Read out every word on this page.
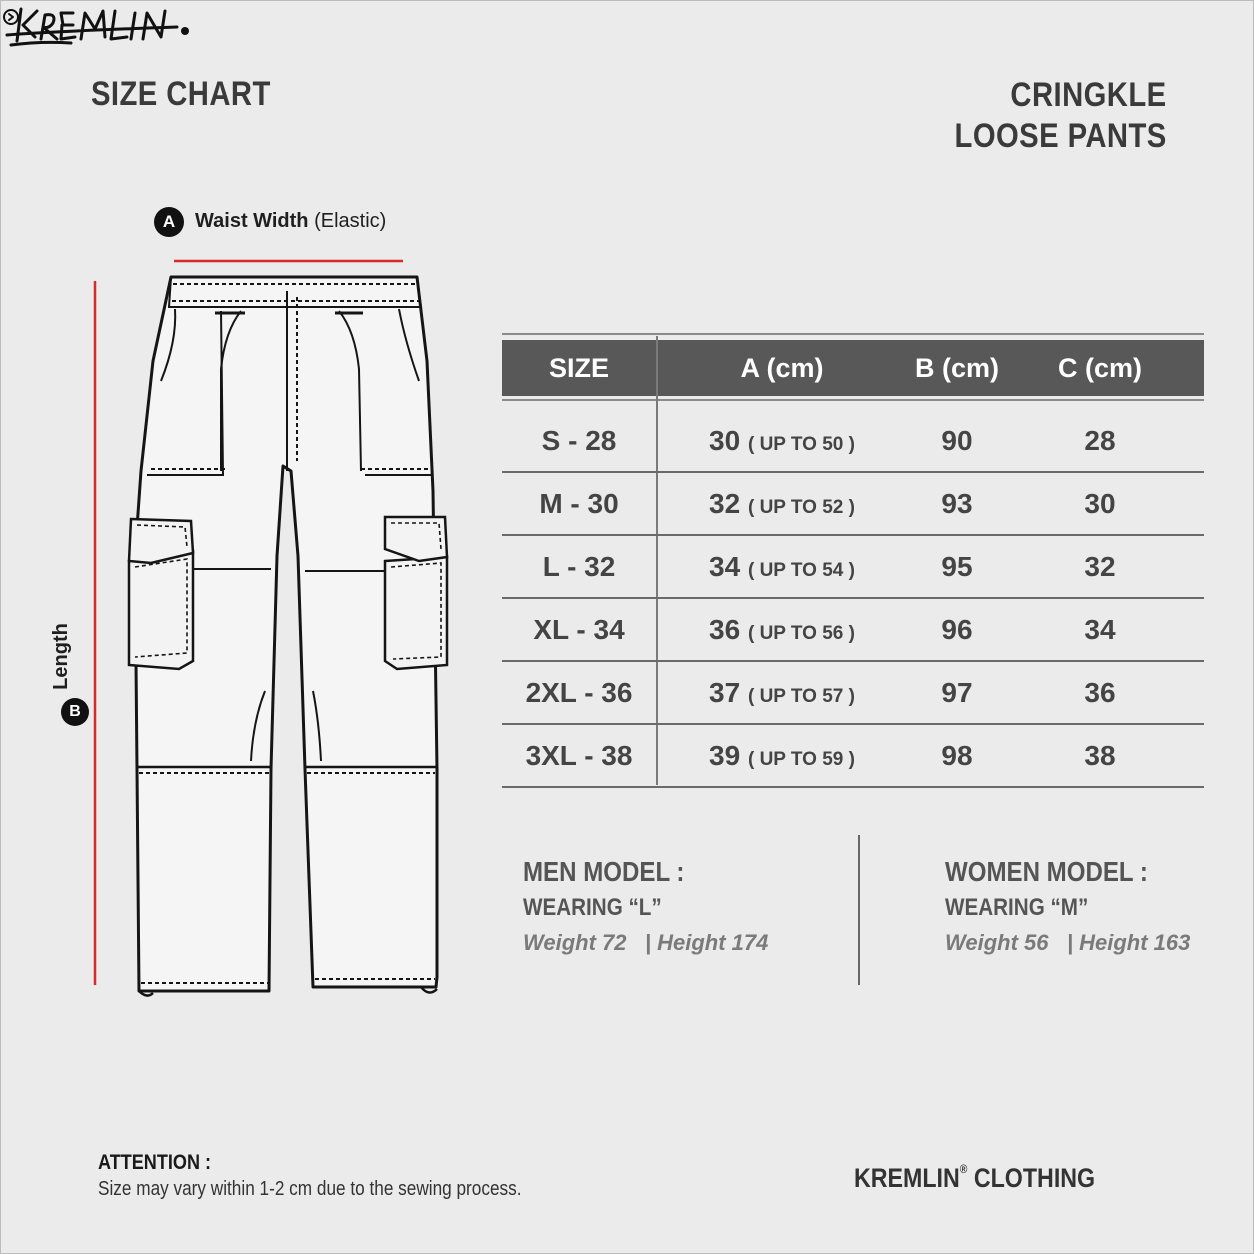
SIZE CHART	CRINGKLE
LOOSE PANTS
A Waist Width (Elastic)
B
Length
SIZE	A (cm)	B (cm)	C (cm)
S - 28	30 ( UP TO 50 )	90	28
M - 30	32 ( UP TO 52 )	93	30
L - 32	34 ( UP TO 54 )	95	32
XL - 34	36 ( UP TO 56 )	96	34
2XL - 36	37 ( UP TO 57 )	97	36
3XL - 38	39 ( UP TO 59 )	98	38
MEN MODEL :
WEARING “L”
Weight 72   | Height 174
WOMEN MODEL :
WEARING “M”
Weight 56   | Height 163
ATTENTION :
Size may vary within 1-2 cm due to the sewing process.	KREMLIN® CLOTHING
